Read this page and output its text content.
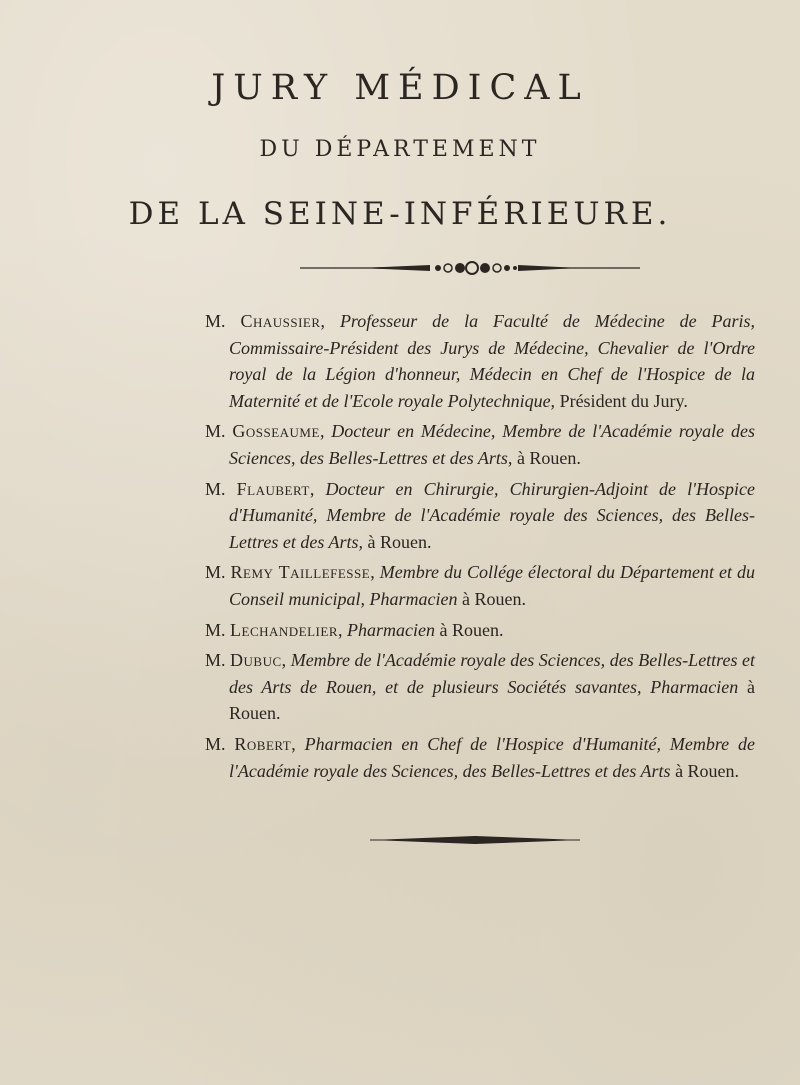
JURY MÉDICAL
DU DÉPARTEMENT
DE LA SEINE-INFÉRIEURE.

M. Chaussier, Professeur de la Faculté de Médecine de Paris, Commissaire-Président des Jurys de Médecine, Chevalier de l'Ordre royal de la Légion d'honneur, Médecin en Chef de l'Hospice de la Maternité et de l'Ecole royale Polytechnique, Président du Jury.

M. Gosseaume, Docteur en Médecine, Membre de l'Académie royale des Sciences, des Belles-Lettres et des Arts, à Rouen.

M. Flaubert, Docteur en Chirurgie, Chirurgien-Adjoint de l'Hospice d'Humanité, Membre de l'Académie royale des Sciences, des Belles-Lettres et des Arts, à Rouen.

M. Remy Taillefesse, Membre du Collége électoral du Département et du Conseil municipal, Pharmacien à Rouen.

M. Lechandelier, Pharmacien à Rouen.

M. Dubuc, Membre de l'Académie royale des Sciences, des Belles-Lettres et des Arts de Rouen, et de plusieurs Sociétés savantes, Pharmacien à Rouen.

M. Robert, Pharmacien en Chef de l'Hospice d'Humanité, Membre de l'Académie royale des Sciences, des Belles-Lettres et des Arts à Rouen.
